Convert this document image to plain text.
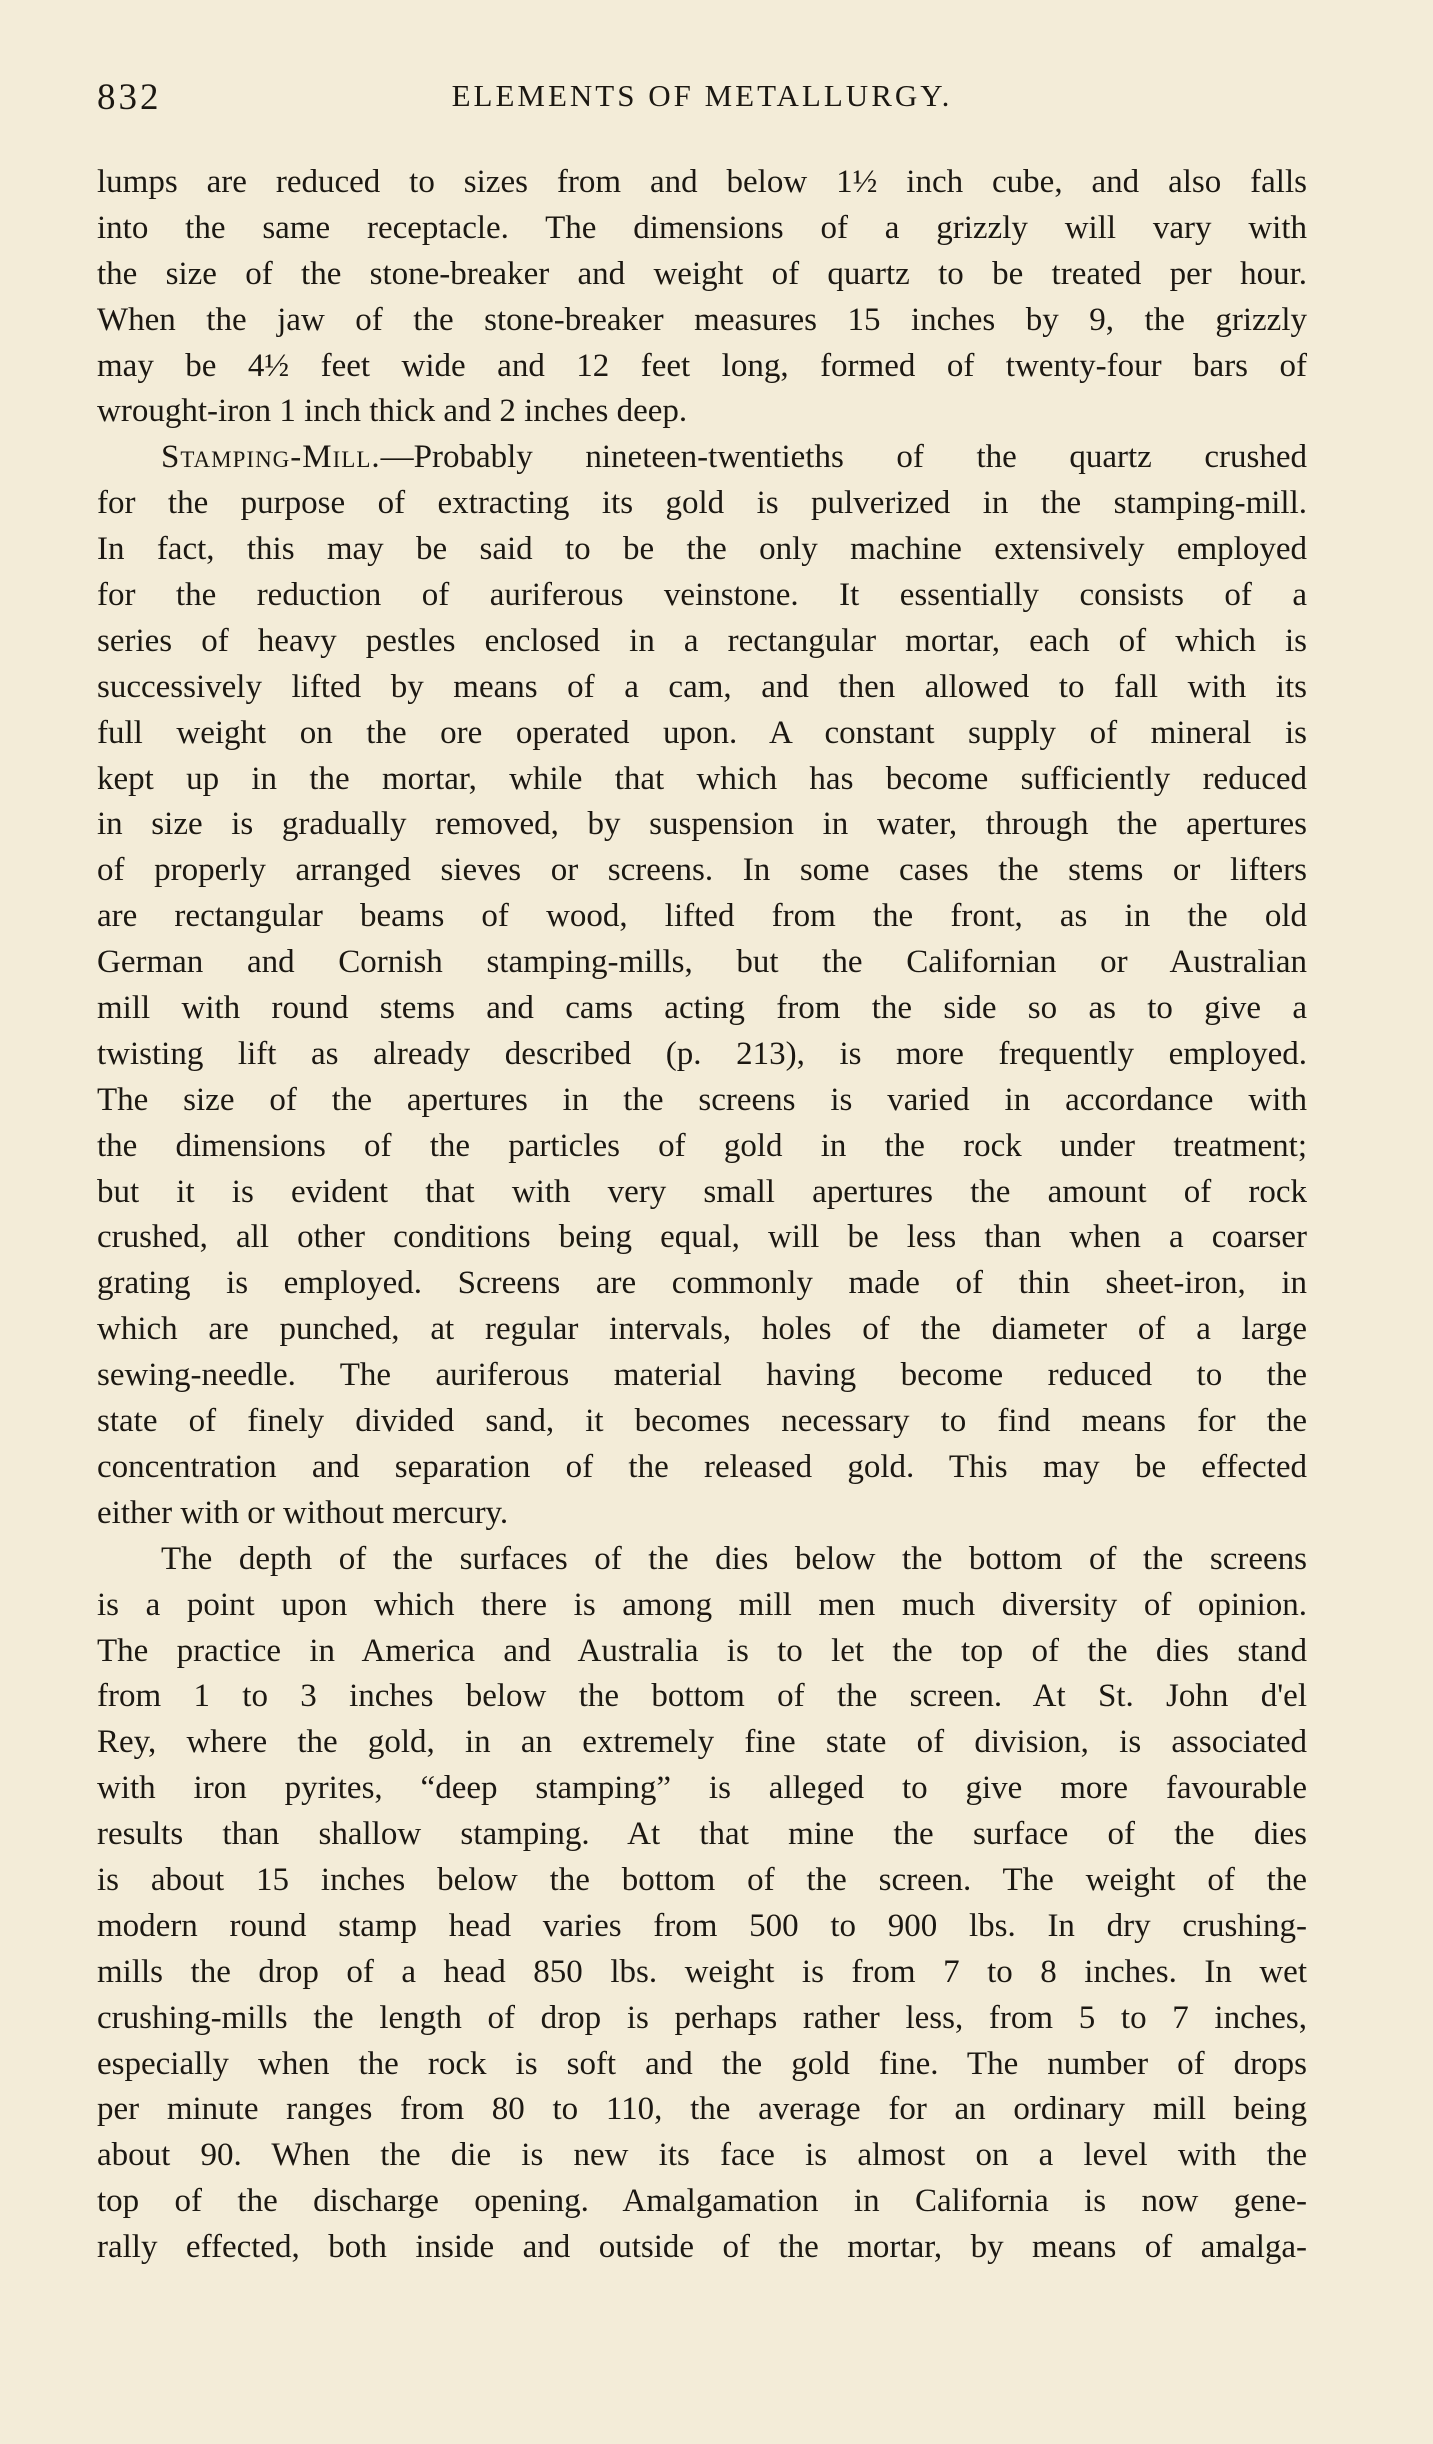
832	ELEMENTS OF METALLURGY.
lumps are reduced to sizes from and below 1½ inch cube, and also falls
into the same receptacle. The dimensions of a grizzly will vary with
the size of the stone-breaker and weight of quartz to be treated per hour.
When the jaw of the stone-breaker measures 15 inches by 9, the grizzly
may be 4½ feet wide and 12 feet long, formed of twenty-four bars of
wrought-iron 1 inch thick and 2 inches deep.
Stamping-Mill.—Probably nineteen-twentieths of the quartz crushed
for the purpose of extracting its gold is pulverized in the stamping-mill.
In fact, this may be said to be the only machine extensively employed
for the reduction of auriferous veinstone. It essentially consists of a
series of heavy pestles enclosed in a rectangular mortar, each of which is
successively lifted by means of a cam, and then allowed to fall with its
full weight on the ore operated upon. A constant supply of mineral is
kept up in the mortar, while that which has become sufficiently reduced
in size is gradually removed, by suspension in water, through the apertures
of properly arranged sieves or screens. In some cases the stems or lifters
are rectangular beams of wood, lifted from the front, as in the old
German and Cornish stamping-mills, but the Californian or Australian
mill with round stems and cams acting from the side so as to give a
twisting lift as already described (p. 213), is more frequently employed.
The size of the apertures in the screens is varied in accordance with
the dimensions of the particles of gold in the rock under treatment;
but it is evident that with very small apertures the amount of rock
crushed, all other conditions being equal, will be less than when a coarser
grating is employed. Screens are commonly made of thin sheet-iron, in
which are punched, at regular intervals, holes of the diameter of a large
sewing-needle. The auriferous material having become reduced to the
state of finely divided sand, it becomes necessary to find means for the
concentration and separation of the released gold. This may be effected
either with or without mercury.
The depth of the surfaces of the dies below the bottom of the screens
is a point upon which there is among mill men much diversity of opinion.
The practice in America and Australia is to let the top of the dies stand
from 1 to 3 inches below the bottom of the screen. At St. John d'el
Rey, where the gold, in an extremely fine state of division, is associated
with iron pyrites, “deep stamping” is alleged to give more favourable
results than shallow stamping. At that mine the surface of the dies
is about 15 inches below the bottom of the screen. The weight of the
modern round stamp head varies from 500 to 900 lbs. In dry crushing-
mills the drop of a head 850 lbs. weight is from 7 to 8 inches. In wet
crushing-mills the length of drop is perhaps rather less, from 5 to 7 inches,
especially when the rock is soft and the gold fine. The number of drops
per minute ranges from 80 to 110, the average for an ordinary mill being
about 90. When the die is new its face is almost on a level with the
top of the discharge opening. Amalgamation in California is now gene-
rally effected, both inside and outside of the mortar, by means of amalga-
